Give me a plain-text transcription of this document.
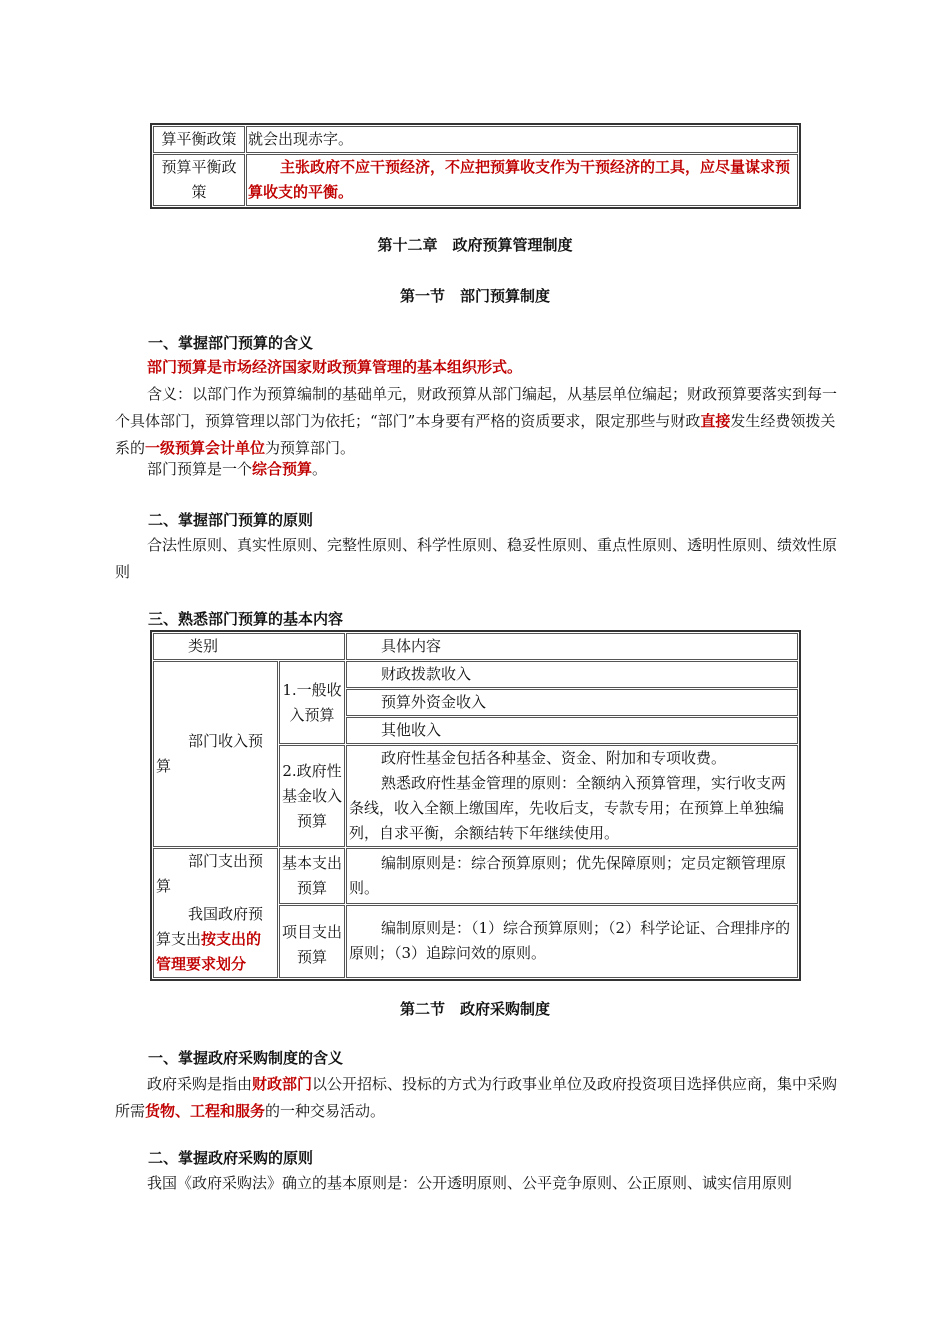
算平衡政策	就会出现赤字。
预算平衡政策	主张政府不应干预经济，不应把预算收支作为干预经济的工具，应尽量谋求预算收支的平衡。
第十二章　政府预算管理制度
第一节　部门预算制度
一、掌握部门预算的含义
部门预算是市场经济国家财政预算管理的基本组织形式。
含义：以部门作为预算编制的基础单元，财政预算从部门编起，从基层单位编起；财政预算要落实到每一个具体部门，预算管理以部门为依托；“部门”本身要有严格的资质要求，限定那些与财政直接发生经费领拨关系的一级预算会计单位为预算部门。
部门预算是一个综合预算。
二、掌握部门预算的原则
合法性原则、真实性原则、完整性原则、科学性原则、稳妥性原则、重点性原则、透明性原则、绩效性原则
三、熟悉部门预算的基本内容
类别		具体内容
部门收入预算	1.一般收入预算	财政拨款收入
		预算外资金收入
		其他收入
	2.政府性基金收入预算	政府性基金包括各种基金、资金、附加和专项收费。
熟悉政府性基金管理的原则：全额纳入预算管理，实行收支两条线，收入全额上缴国库，先收后支，专款专用；在预算上单独编列，自求平衡，余额结转下年继续使用。

部门支出预算
我国政府预算支出按支出的管理要求划分	基本支出预算	编制原则是：综合预算原则；优先保障原则；定员定额管理原则。
	项目支出预算	编制原则是：（1）综合预算原则；（2）科学论证、合理排序的原则；（3）追踪问效的原则。
第二节　政府采购制度
一、掌握政府采购制度的含义
政府采购是指由财政部门以公开招标、投标的方式为行政事业单位及政府投资项目选择供应商，集中采购所需货物、工程和服务的一种交易活动。
二、掌握政府采购的原则
我国《政府采购法》确立的基本原则是：公开透明原则、公平竞争原则、公正原则、诚实信用原则
